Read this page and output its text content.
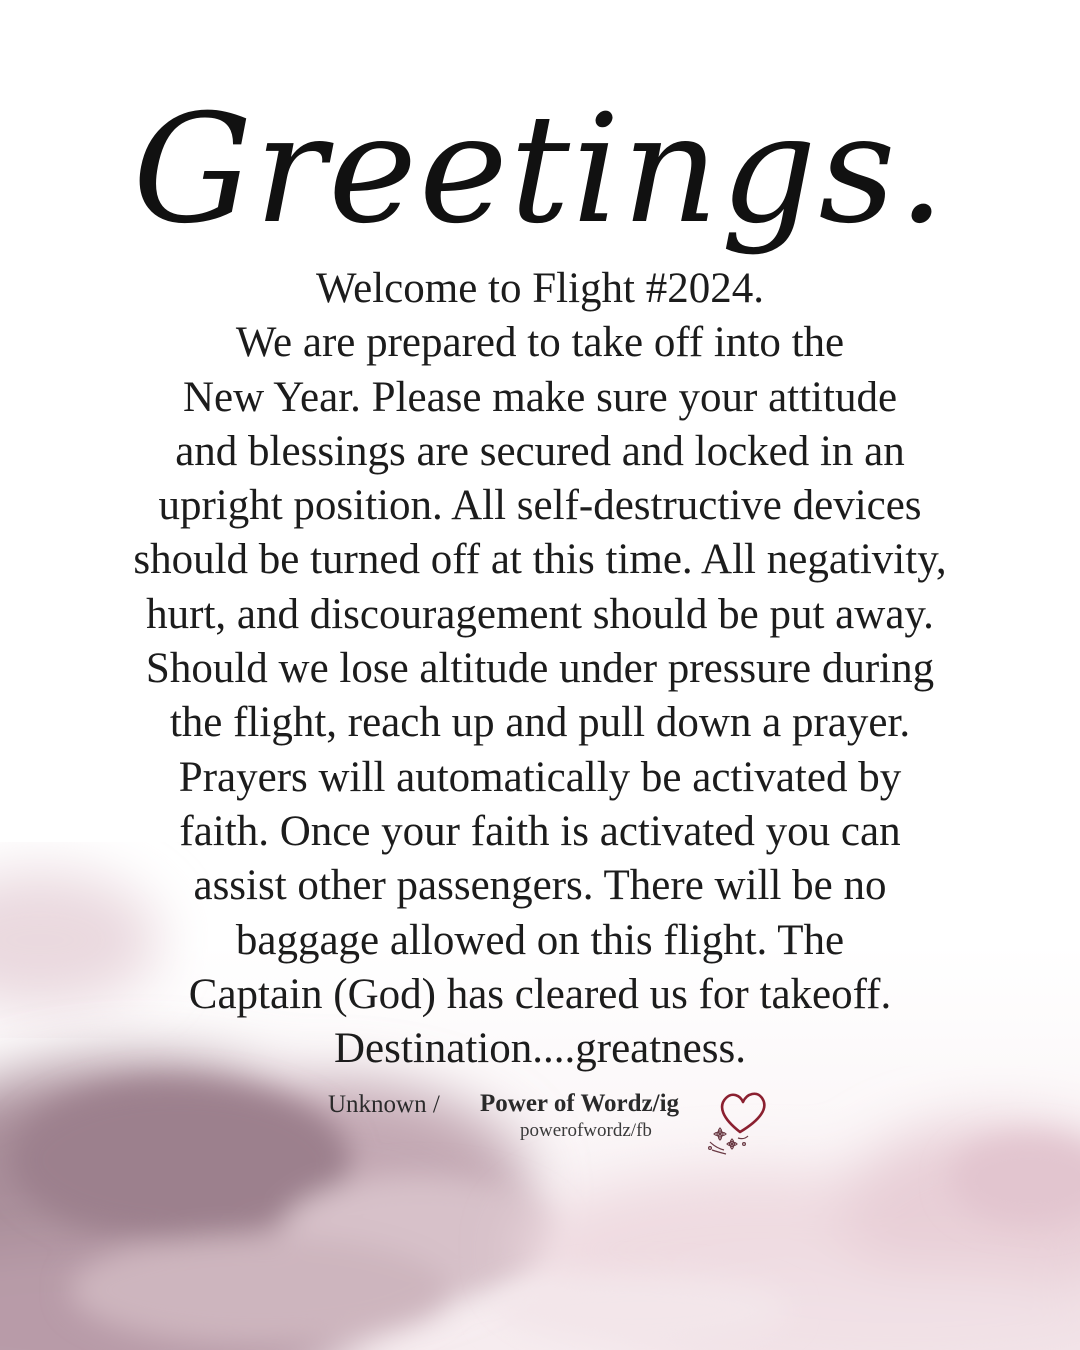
Greetings.
Welcome to Flight #2024.
We are prepared to take off into the
New Year. Please make sure your attitude
and blessings are secured and locked in an
upright position. All self-destructive devices
should be turned off at this time. All negativity,
hurt, and discouragement should be put away.
Should we lose altitude under pressure during
the flight, reach up and pull down a prayer.
Prayers will automatically be activated by
faith. Once your faith is activated you can
assist other passengers. There will be no
baggage allowed on this flight. The
Captain (God) has cleared us for takeoff.
Destination....greatness.
Unknown / Power of Wordz/ig
powerofwordz/fb
